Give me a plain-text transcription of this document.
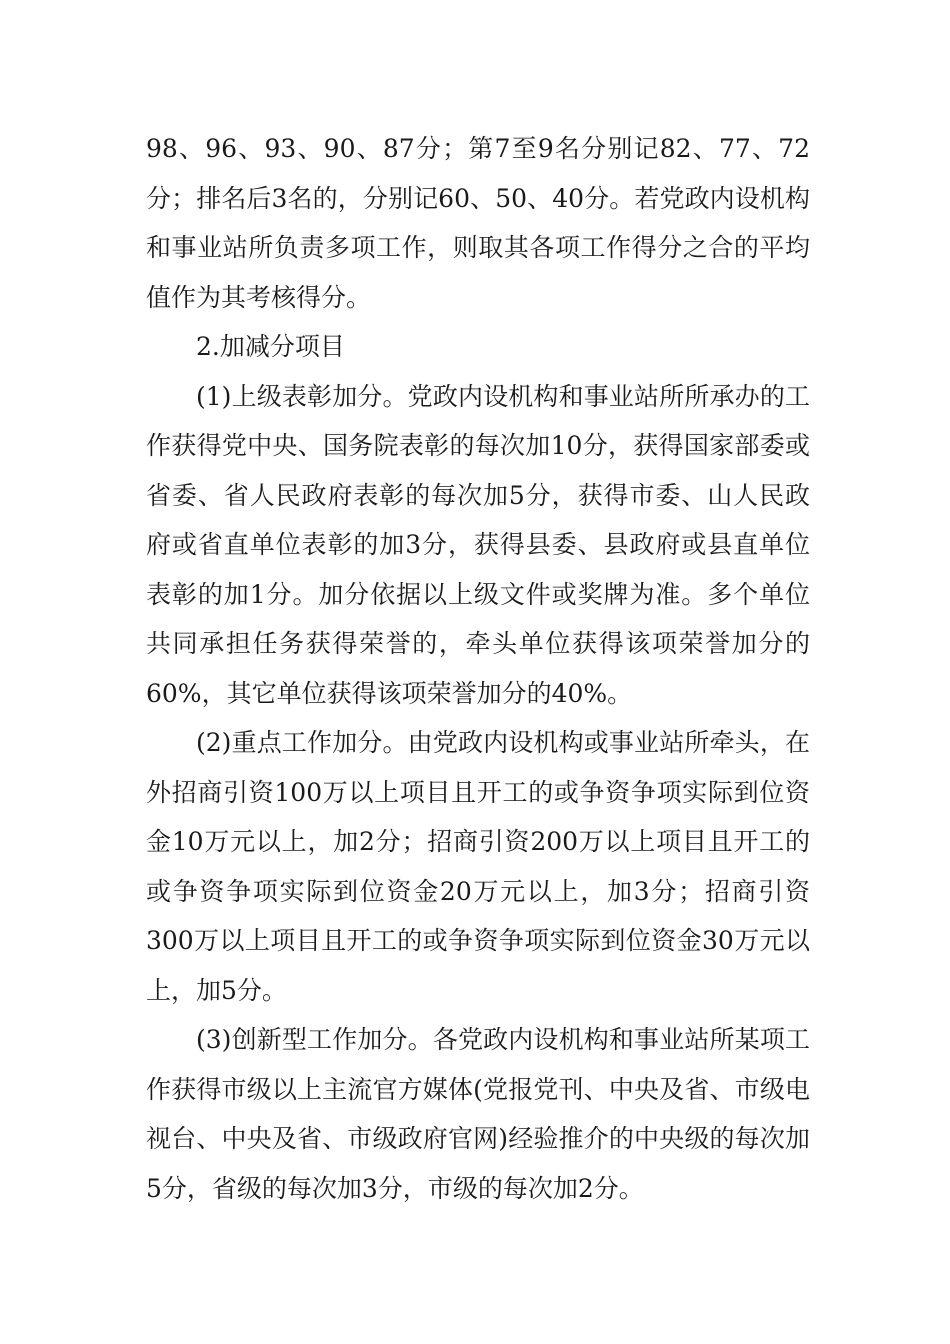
98、96、93、90、87分；第7至9名分别记82、77、72分；排名后3名的，分别记60、50、40分。若党政内设机构和事业站所负责多项工作，则取其各项工作得分之合的平均值作为其考核得分。

2.加减分项目

(1)上级表彰加分。党政内设机构和事业站所所承办的工作获得党中央、国务院表彰的每次加10分，获得国家部委或省委、省人民政府表彰的每次加5分，获得市委、山人民政府或省直单位表彰的加3分，获得县委、县政府或县直单位表彰的加1分。加分依据以上级文件或奖牌为准。多个单位共同承担任务获得荣誉的，牵头单位获得该项荣誉加分的60%，其它单位获得该项荣誉加分的40%。

(2)重点工作加分。由党政内设机构或事业站所牵头，在外招商引资100万以上项目且开工的或争资争项实际到位资金10万元以上，加2分；招商引资200万以上项目且开工的或争资争项实际到位资金20万元以上，加3分；招商引资300万以上项目且开工的或争资争项实际到位资金30万元以上，加5分。

(3)创新型工作加分。各党政内设机构和事业站所某项工作获得市级以上主流官方媒体(党报党刊、中央及省、市级电视台、中央及省、市级政府官网)经验推介的中央级的每次加5分，省级的每次加3分，市级的每次加2分。
